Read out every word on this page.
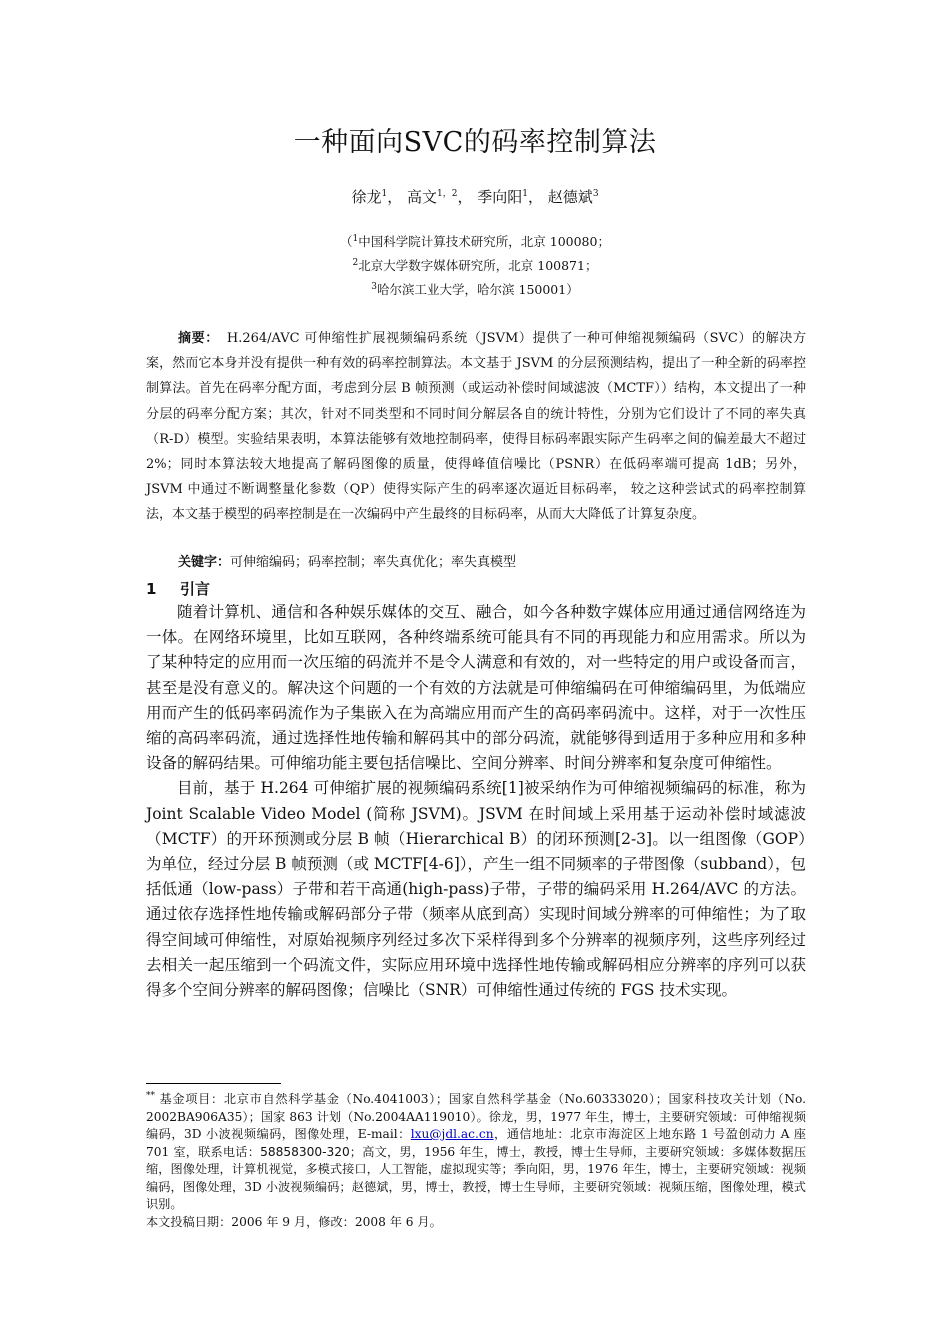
一种面向SVC的码率控制算法
徐龙$^1$， 高文$^{1,2}$， 季向阳$^1$， 赵德斌$^3$
（$^1$中国科学院计算技术研究所，北京 100080；
$^2$北京大学数字媒体研究所，北京 100871；
$^3$哈尔滨工业大学，哈尔滨 150001）
摘要： H.264/AVC 可伸缩性扩展视频编码系统（JSVM）提供了一种可伸缩视频编码（SVC）的解决方案，然而它本身并没有提供一种有效的码率控制算法。本文基于 JSVM 的分层预测结构，提出了一种全新的码率控制算法。首先在码率分配方面，考虑到分层 B 帧预测（或运动补偿时间域滤波（MCTF））结构，本文提出了一种分层的码率分配方案；其次，针对不同类型和不同时间分解层各自的统计特性，分别为它们设计了不同的率失真（R-D）模型。实验结果表明，本算法能够有效地控制码率，使得目标码率跟实际产生码率之间的偏差最大不超过 2%；同时本算法较大地提高了解码图像的质量，使得峰值信噪比（PSNR）在低码率端可提高 1dB；另外， JSVM 中通过不断调整量化参数（QP）使得实际产生的码率逐次逼近目标码率， 较之这种尝试式的码率控制算法，本文基于模型的码率控制是在一次编码中产生最终的目标码率，从而大大降低了计算复杂度。
关键字：可伸缩编码；码率控制；率失真优化；率失真模型
1 引言

随着计算机、通信和各种娱乐媒体的交互、融合，如今各种数字媒体应用通过通信网络连为一体。在网络环境里，比如互联网，各种终端系统可能具有不同的再现能力和应用需求。所以为了某种特定的应用而一次压缩的码流并不是令人满意和有效的，对一些特定的用户或设备而言，甚至是没有意义的。解决这个问题的一个有效的方法就是可伸缩编码在可伸缩编码里，为低端应用而产生的低码率码流作为子集嵌入在为高端应用而产生的高码率码流中。这样，对于一次性压缩的高码率码流，通过选择性地传输和解码其中的部分码流，就能够得到适用于多种应用和多种设备的解码结果。可伸缩功能主要包括信噪比、空间分辨率、时间分辨率和复杂度可伸缩性。

目前，基于 H.264 可伸缩扩展的视频编码系统[1]被采纳作为可伸缩视频编码的标准，称为 Joint Scalable Video Model (简称 JSVM)。JSVM 在时间域上采用基于运动补偿时域滤波（MCTF）的开环预测或分层 B 帧（Hierarchical B）的闭环预测[2-3]。以一组图像（GOP）为单位，经过分层 B 帧预测（或 MCTF[4-6]），产生一组不同频率的子带图像（subband），包括低通（low-pass）子带和若干高通(high-pass)子带，子带的编码采用 H.264/AVC 的方法。通过依存选择性地传输或解码部分子带（频率从底到高）实现时间域分辨率的可伸缩性；为了取得空间域可伸缩性，对原始视频序列经过多次下采样得到多个分辨率的视频序列，这些序列经过去相关一起压缩到一个码流文件，实际应用环境中选择性地传输或解码相应分辨率的序列可以获得多个空间分辨率的解码图像；信噪比（SNR）可伸缩性通过传统的 FGS 技术实现。

** 基金项目：北京市自然科学基金（No.4041003）；国家自然科学基金（No.60333020）；国家科技攻关计划（No. 2002BA906A35）；国家 863 计划（No.2004AA119010）。徐龙，男，1977 年生，博士，主要研究领域：可伸缩视频编码，3D 小波视频编码，图像处理，E-mail：lxu@jdl.ac.cn，通信地址：北京市海淀区上地东路 1 号盈创动力 A 座 701 室，联系电话：58858300-320；高文，男，1956 年生，博士，教授，博士生导师，主要研究领域：多媒体数据压缩，图像处理，计算机视觉，多模式接口，人工智能，虚拟现实等；季向阳，男，1976 年生，博士，主要研究领域：视频编码，图像处理，3D 小波视频编码；赵德斌，男，博士，教授，博士生导师，主要研究领域：视频压缩，图像处理，模式识别。
本文投稿日期：2006 年 9 月，修改：2008 年 6 月。
